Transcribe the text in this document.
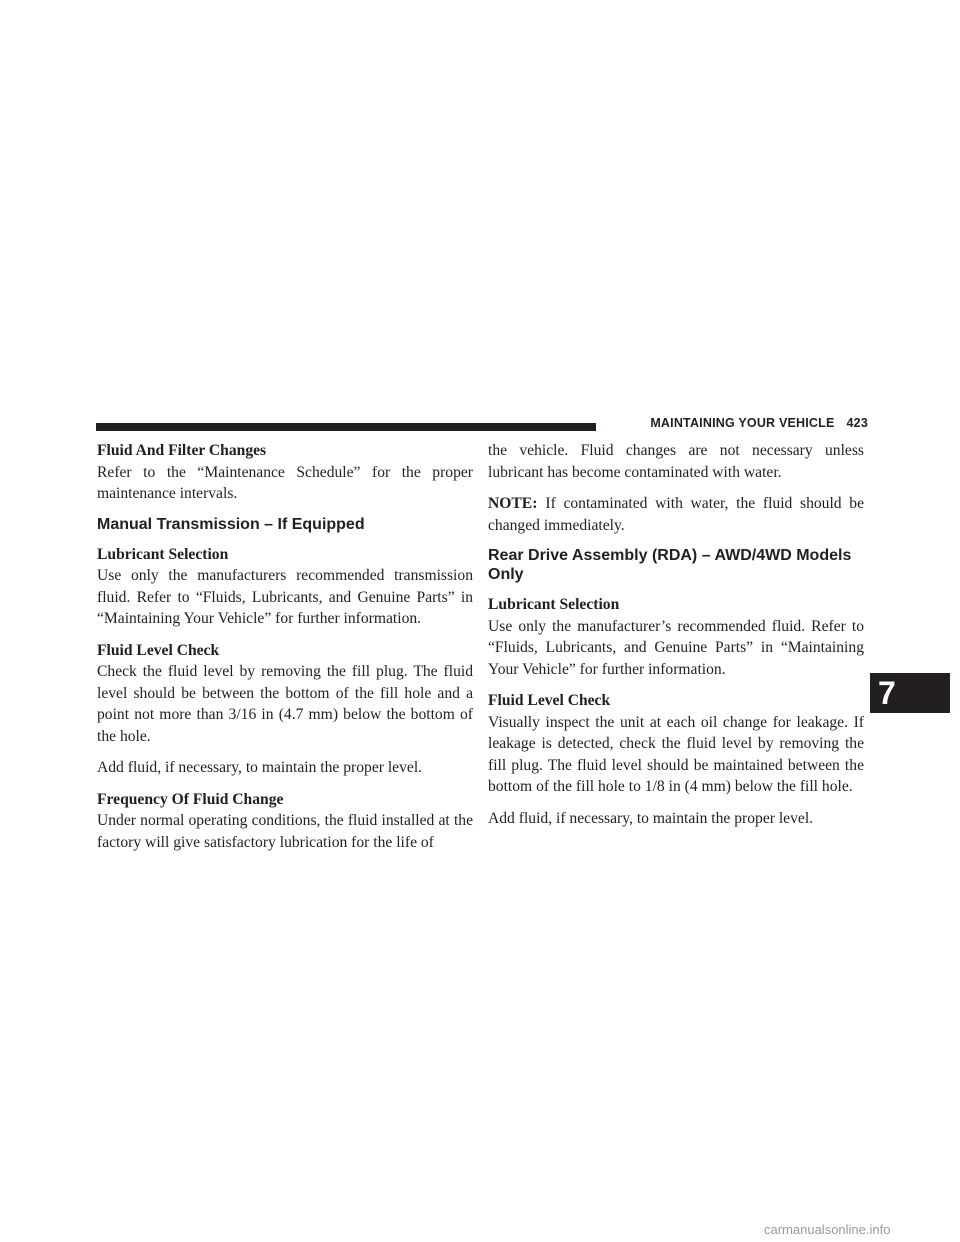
MAINTAINING YOUR VEHICLE 423
Fluid And Filter Changes

Refer to the “Maintenance Schedule” for the proper maintenance intervals.

Manual Transmission – If Equipped
Lubricant Selection

Use only the manufacturers recommended transmission fluid. Refer to “Fluids, Lubricants, and Genuine Parts” in “Maintaining Your Vehicle” for further information.

Fluid Level Check

Check the fluid level by removing the fill plug. The fluid level should be between the bottom of the fill hole and a point not more than 3/16 in (4.7 mm) below the bottom of the hole.

Add fluid, if necessary, to maintain the proper level.

Frequency Of Fluid Change

Under normal operating conditions, the fluid installed at the factory will give satisfactory lubrication for the life of

the vehicle. Fluid changes are not necessary unless lubricant has become contaminated with water.

NOTE: If contaminated with water, the fluid should be changed immediately.

Rear Drive Assembly (RDA) – AWD/4WD Models Only
Lubricant Selection

Use only the manufacturer’s recommended fluid. Refer to “Fluids, Lubricants, and Genuine Parts” in “Maintaining Your Vehicle” for further information.

Fluid Level Check

Visually inspect the unit at each oil change for leakage. If leakage is detected, check the fluid level by removing the fill plug. The fluid level should be maintained between the bottom of the fill hole to 1/8 in (4 mm) below the fill hole.

Add fluid, if necessary, to maintain the proper level.

7
carmanualsonline.info
